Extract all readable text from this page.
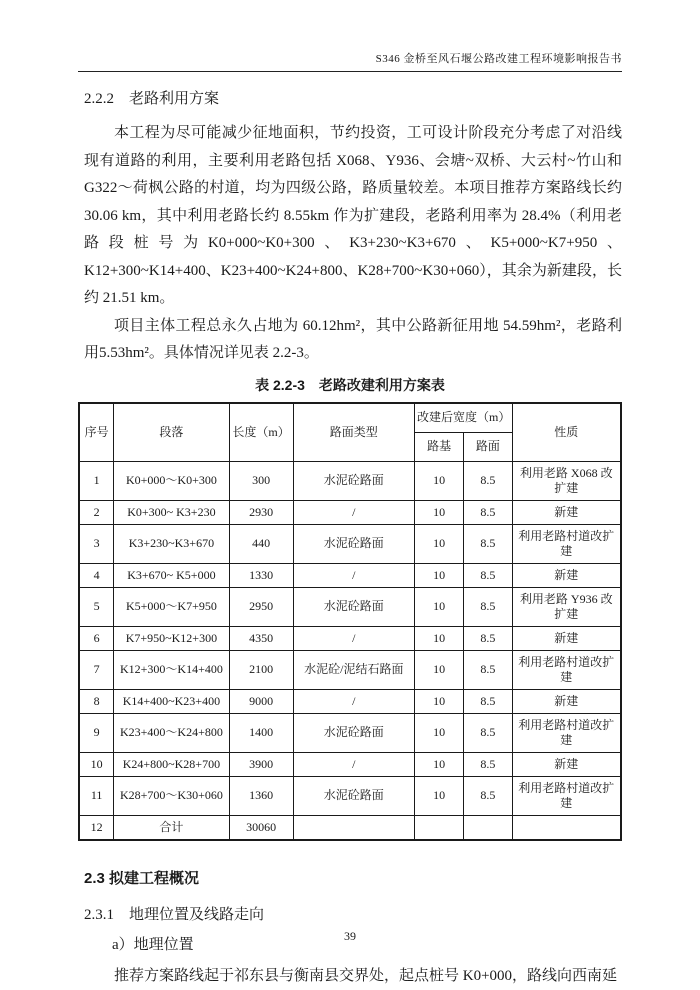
S346 金桥至风石堰公路改建工程环境影响报告书
2.2.2　老路利用方案

本工程为尽可能减少征地面积，节约投资，工可设计阶段充分考虑了对沿线现有道路的利用，主要利用老路包括 X068、Y936、会塘~双桥、大云村~竹山和 G322～荷枫公路的村道，均为四级公路，路质量较差。本项目推荐方案路线长约 30.06 km，其中利用老路长约 8.55km 作为扩建段，老路利用率为 28.4%（利用老路段桩号为K0+000~K0+300、K3+230~K3+670、K5+000~K7+950、K12+300~K14+400、K23+400~K24+800、K28+700~K30+060），其余为新建段，长约 21.51 km。

项目主体工程总永久占地为 60.12hm²，其中公路新征用地 54.59hm²，老路利用5.53hm²。具体情况详见表 2.2-3。

表 2.2-3　老路改建利用方案表
序号	段落	长度（m）	路面类型	改建后宽度（m）		性质
				路基	路面	
1	K0+000～K0+300	300	水泥砼路面	10	8.5	利用老路 X068 改扩建
2	K0+300~ K3+230	2930	/	10	8.5	新建
3	K3+230~K3+670	440	水泥砼路面	10	8.5	利用老路村道改扩建
4	K3+670~ K5+000	1330	/	10	8.5	新建
5	K5+000～K7+950	2950	水泥砼路面	10	8.5	利用老路 Y936 改扩建
6	K7+950~K12+300	4350	/	10	8.5	新建
7	K12+300～K14+400	2100	水泥砼/泥结石路面	10	8.5	利用老路村道改扩建
8	K14+400~K23+400	9000	/	10	8.5	新建
9	K23+400～K24+800	1400	水泥砼路面	10	8.5	利用老路村道改扩建
10	K24+800~K28+700	3900	/	10	8.5	新建
11	K28+700～K30+060	1360	水泥砼路面	10	8.5	利用老路村道改扩建
12	合计	30060				
2.3 拟建工程概况
2.3.1　地理位置及线路走向
a）地理位置

推荐方案路线起于祁东县与衡南县交界处，起点桩号 K0+000，路线向西南延

39
